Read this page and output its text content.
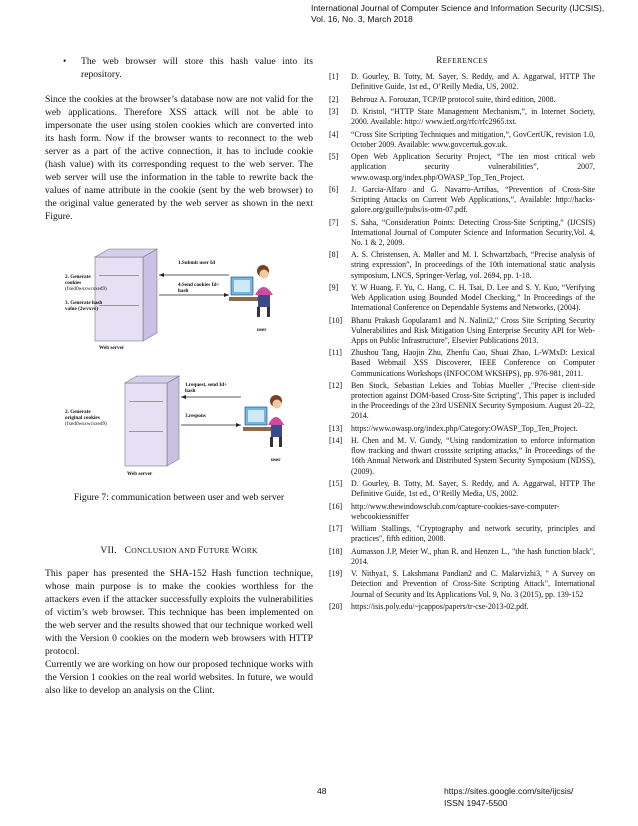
International Journal of Computer Science and Information Security (IJCSIS),
Vol. 16, No. 3, March 2018
•	The web browser will store this hash value into its repository.

Since the cookies at the browser’s database now are not valid for the web applications. Therefore XSS attack will not be able to impersonate the user using stolen cookies which are converted into its hash form. Now if the browser wants to reconnect to the web server as a part of the active connection, it has to include cookie (hash value) with its corresponding request to the web server. The web server will use the information in the table to rewrite back the values of name attribute in the cookie (sent by the web browser) to the original value generated by the web server as shown in the next Figure.

1.Submit user Id
2. Generate
cookies
(fxed0wsxwcsxed9)
3. Generate hash
value (2wvxve)
4.Send cookies Id+
hash
user
Web server
1.request, send Id+
hash
2. Generate
original cookies
(fxed0wsxwcsxed9)
3.respons
user
Web server
Figure 7: communication between user and web server
VII. CONCLUSION AND FUTURE WORK

This paper has presented the SHA-152 Hash function technique, whose main purpose is to make the cookies worthless for the attackers even if the attacker successfully exploits the vulnerabilities of victim’s web browser. This technique has been implemented on the web server and the results showed that our technique worked well with the Version 0 cookies on the modern web browsers with HTTP protocol.

Currently we are working on how our proposed technique works with the Version 1 cookies on the real world websites. In future, we would also like to develop an analysis on the Clint.

REFERENCES
[1]	D. Gourley, B. Totty, M. Sayer, S. Reddy, and A. Aggarwal, HTTP The Definitive Guide, 1st ed., O’Reilly Media, US, 2002.
[2]	Behrouz A. Forouzan, TCP/IP protocol suite, third edition, 2008.
[3]	D. Kristol, “HTTP State Management Mechanism,”, in Internet Society, 2000. Available: http:// www.ietf.org/rfc/rfc2965.txt.
[4]	“Cross Site Scripting Techniques and mitigation,”, GovCertUK, revision 1.0, October 2009. Available: www.govcertuk.gov.uk.
[5]	Open Web Application Security Project, “The ten most critical web application security vulnerabilities”, 2007, www.owasp.org/index.php/OWASP_Top_Ten_Project.
[6]	J. Garcia-Alfaro and G. Navarro-Arribas, “Prevention of Cross-Site Scripting Attacks on Current Web Applications,”, Available: http://hacks-galore.org/guille/pubs/is-otm-07.pdf.
[7]	S. Saha, “Consideration Points: Detecting Cross-Site Scripting,” (IJCSIS) International Journal of Computer Science and Information Security,Vol. 4, No. 1 & 2, 2009.
[8]	A. S. Christensen, A. Møller and M. I. Schwartzbach, “Precise analysis of string expression”, In proceedings of the 10th international static analysis symposium, LNCS, Springer-Verlag, vol. 2694, pp. 1-18.
[9]	Y. W Huang, F. Yu, C. Hang, C. H. Tsai, D. Lee and S. Y. Kuo, “Verifying Web Application using Bounded Model Checking,” In Proceedings of the International Conference on Dependable Systems and Networks, (2004).
[10]	Bhanu Prakash Gopularam1 and N. Nalini2," Cross Site Scripting Security Vulnerabilities and Risk Mitigation Using Enterprise Security API for Web-Apps on Public Infrastructure", Elsevier Publications 2013.
[11]	Zhushou Tang, Haojin Zhu, Zhenfu Cao, Shuai Zhao, L-WMxD: Lexical Based Webmail XSS Discoverer, IEEE Conference on Computer Communications Workshops (INFOCOM WKSHPS), pp. 976-981, 2011.
[12]	Ben Stock, Sebastian Lekies and Tobias Mueller ,"Precise client-side protection against DOM-based Cross-Site Scripting", This paper is included in the Proceedings of the 23rd USENIX Security Symposium. August 20–22, 2014.
[13]	https://www.owasp.org/index.php/Category:OWASP_Top_Ten_Project.
[14]	H. Chen and M. V. Gundy, “Using randomization to enforce information flow tracking and thwart crosssite scripting attacks,” In Proceedings of the 16th Annual Network and Distributed System Security Symposium (NDSS), (2009).
[15]	D. Gourley, B. Totty, M. Sayer, S. Reddy, and A. Aggarwal, HTTP The Definitive Guide, 1st ed., O’Reilly Media, US, 2002.
[16]	http://www.thewindowsclub.com/capture-cookies-save-computer-webcookiessniffer
[17]	William Stallings, "Cryptography and network security, principles and practices", fifth edition, 2008.
[18]	Aumasson J.P, Meier W., phan R. and Henzen L., "the hash function black", 2014.
[19]	V. Nithya1, S. Lakshmana Pandian2 and C. Malarvizhi3, " A Survey on Detection and Prevention of Cross-Site Scripting Attack", International Journal of Security and Its Applications Vol. 9, No. 3 (2015), pp. 139-152
[20]	https://isis.poly.edu/~jcappos/papers/tr-cse-2013-02.pdf.
48	https://sites.google.com/site/ijcsis/
ISSN 1947-5500
